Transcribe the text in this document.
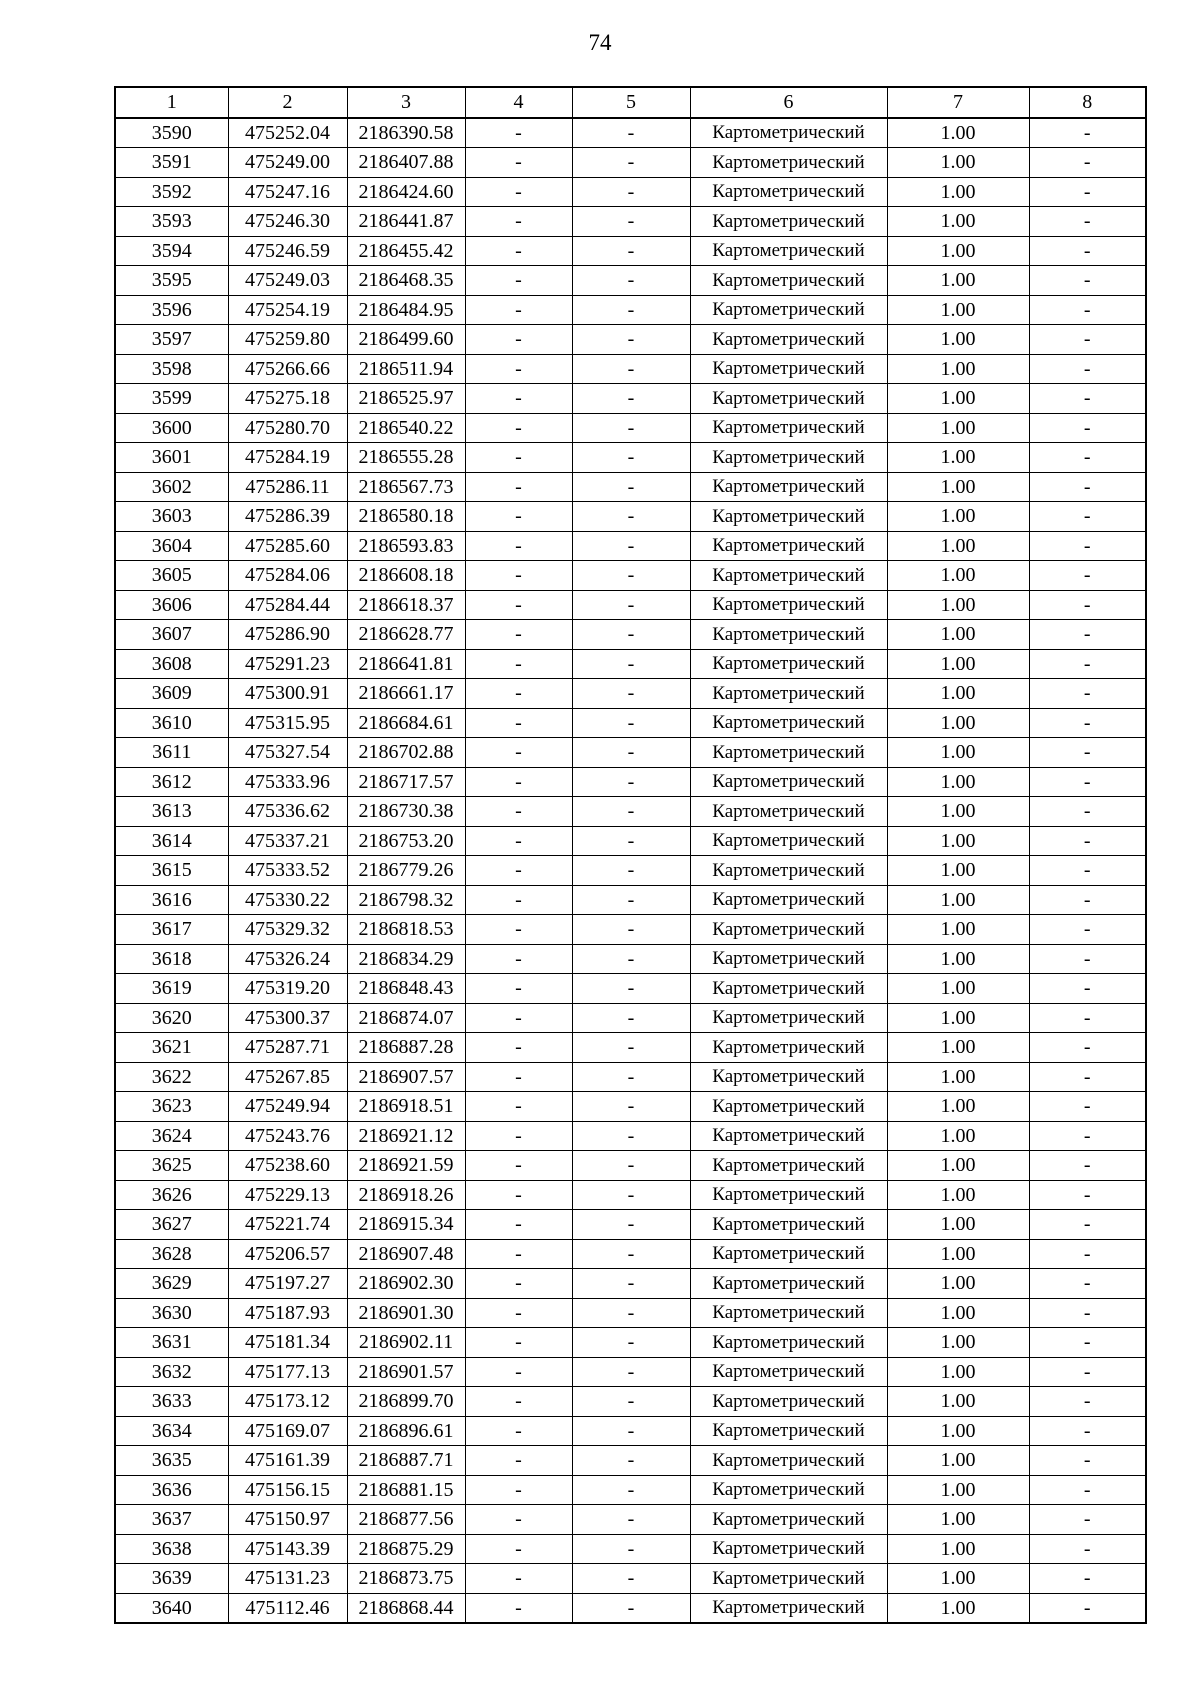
74
1	2	3	4	5	6	7	8
3590	475252.04	2186390.58	-	-	Картометрический	1.00	-
3591	475249.00	2186407.88	-	-	Картометрический	1.00	-
3592	475247.16	2186424.60	-	-	Картометрический	1.00	-
3593	475246.30	2186441.87	-	-	Картометрический	1.00	-
3594	475246.59	2186455.42	-	-	Картометрический	1.00	-
3595	475249.03	2186468.35	-	-	Картометрический	1.00	-
3596	475254.19	2186484.95	-	-	Картометрический	1.00	-
3597	475259.80	2186499.60	-	-	Картометрический	1.00	-
3598	475266.66	2186511.94	-	-	Картометрический	1.00	-
3599	475275.18	2186525.97	-	-	Картометрический	1.00	-
3600	475280.70	2186540.22	-	-	Картометрический	1.00	-
3601	475284.19	2186555.28	-	-	Картометрический	1.00	-
3602	475286.11	2186567.73	-	-	Картометрический	1.00	-
3603	475286.39	2186580.18	-	-	Картометрический	1.00	-
3604	475285.60	2186593.83	-	-	Картометрический	1.00	-
3605	475284.06	2186608.18	-	-	Картометрический	1.00	-
3606	475284.44	2186618.37	-	-	Картометрический	1.00	-
3607	475286.90	2186628.77	-	-	Картометрический	1.00	-
3608	475291.23	2186641.81	-	-	Картометрический	1.00	-
3609	475300.91	2186661.17	-	-	Картометрический	1.00	-
3610	475315.95	2186684.61	-	-	Картометрический	1.00	-
3611	475327.54	2186702.88	-	-	Картометрический	1.00	-
3612	475333.96	2186717.57	-	-	Картометрический	1.00	-
3613	475336.62	2186730.38	-	-	Картометрический	1.00	-
3614	475337.21	2186753.20	-	-	Картометрический	1.00	-
3615	475333.52	2186779.26	-	-	Картометрический	1.00	-
3616	475330.22	2186798.32	-	-	Картометрический	1.00	-
3617	475329.32	2186818.53	-	-	Картометрический	1.00	-
3618	475326.24	2186834.29	-	-	Картометрический	1.00	-
3619	475319.20	2186848.43	-	-	Картометрический	1.00	-
3620	475300.37	2186874.07	-	-	Картометрический	1.00	-
3621	475287.71	2186887.28	-	-	Картометрический	1.00	-
3622	475267.85	2186907.57	-	-	Картометрический	1.00	-
3623	475249.94	2186918.51	-	-	Картометрический	1.00	-
3624	475243.76	2186921.12	-	-	Картометрический	1.00	-
3625	475238.60	2186921.59	-	-	Картометрический	1.00	-
3626	475229.13	2186918.26	-	-	Картометрический	1.00	-
3627	475221.74	2186915.34	-	-	Картометрический	1.00	-
3628	475206.57	2186907.48	-	-	Картометрический	1.00	-
3629	475197.27	2186902.30	-	-	Картометрический	1.00	-
3630	475187.93	2186901.30	-	-	Картометрический	1.00	-
3631	475181.34	2186902.11	-	-	Картометрический	1.00	-
3632	475177.13	2186901.57	-	-	Картометрический	1.00	-
3633	475173.12	2186899.70	-	-	Картометрический	1.00	-
3634	475169.07	2186896.61	-	-	Картометрический	1.00	-
3635	475161.39	2186887.71	-	-	Картометрический	1.00	-
3636	475156.15	2186881.15	-	-	Картометрический	1.00	-
3637	475150.97	2186877.56	-	-	Картометрический	1.00	-
3638	475143.39	2186875.29	-	-	Картометрический	1.00	-
3639	475131.23	2186873.75	-	-	Картометрический	1.00	-
3640	475112.46	2186868.44	-	-	Картометрический	1.00	-
